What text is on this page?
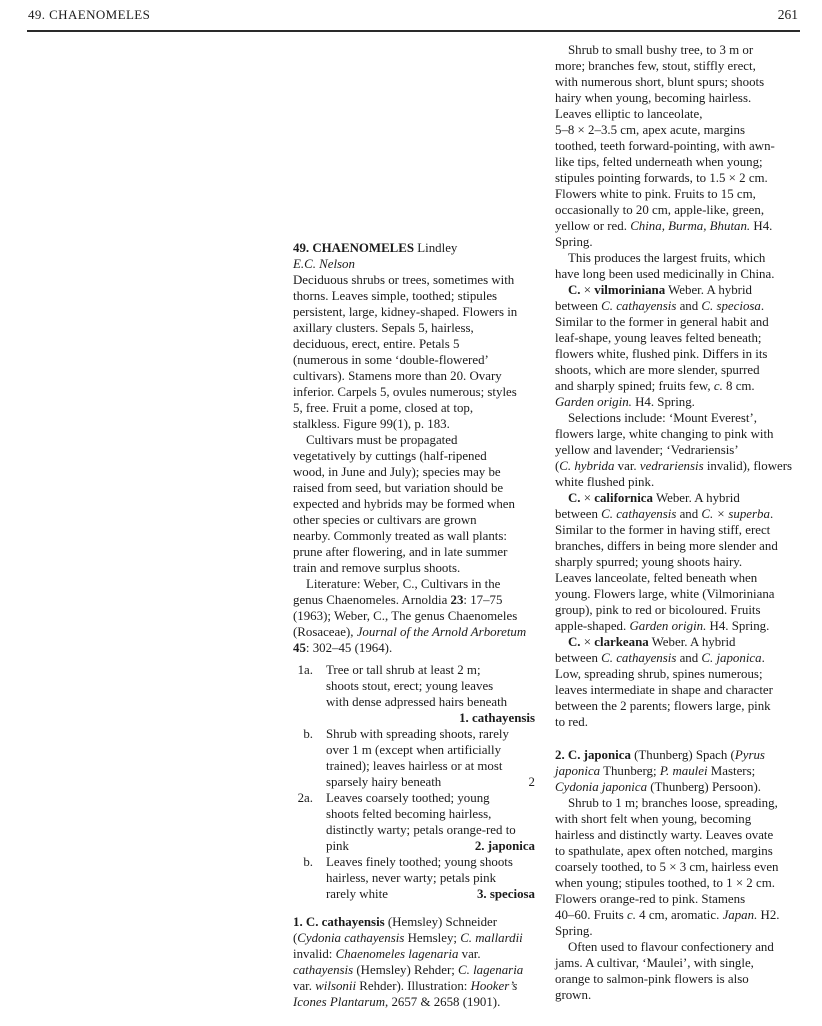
49. CHAENOMELES	261
49. CHAENOMELES Lindley
E.C. Nelson
Deciduous shrubs or trees, sometimes with
thorns. Leaves simple, toothed; stipules
persistent, large, kidney-shaped. Flowers in
axillary clusters. Sepals 5, hairless,
deciduous, erect, entire. Petals 5
(numerous in some ‘double-flowered’
cultivars). Stamens more than 20. Ovary
inferior. Carpels 5, ovules numerous; styles
5, free. Fruit a pome, closed at top,
stalkless. Figure 99(1), p. 183.
Cultivars must be propagated
vegetatively by cuttings (half-ripened
wood, in June and July); species may be
raised from seed, but variation should be
expected and hybrids may be formed when
other species or cultivars are grown
nearby. Commonly treated as wall plants:
prune after flowering, and in late summer
train and remove surplus shoots.
Literature: Weber, C., Cultivars in the
genus Chaenomeles. Arnoldia 23: 17–75
(1963); Weber, C., The genus Chaenomeles
(Rosaceae), Journal of the Arnold Arboretum
45: 302–45 (1964).
1a. Tree or tall shrub at least 2 m;
shoots stout, erect; young leaves
with dense adpressed hairs beneath
1. cathayensis
b. Shrub with spreading shoots, rarely
over 1 m (except when artificially
trained); leaves hairless or at most
sparsely hairy beneath	2
2a. Leaves coarsely toothed; young
shoots felted becoming hairless,
distinctly warty; petals orange-red to
pink	2. japonica
b. Leaves finely toothed; young shoots
hairless, never warty; petals pink
rarely white	3. speciosa
1. C. cathayensis (Hemsley) Schneider
(Cydonia cathayensis Hemsley; C. mallardii
invalid: Chaenomeles lagenaria var.
cathayensis (Hemsley) Rehder; C. lagenaria
var. wilsonii Rehder). Illustration: Hooker’s
Icones Plantarum, 2657 & 2658 (1901).
Shrub to small bushy tree, to 3 m or
more; branches few, stout, stiffly erect,
with numerous short, blunt spurs; shoots
hairy when young, becoming hairless.
Leaves elliptic to lanceolate,
5–8 × 2–3.5 cm, apex acute, margins
toothed, teeth forward-pointing, with awn-
like tips, felted underneath when young;
stipules pointing forwards, to 1.5 × 2 cm.
Flowers white to pink. Fruits to 15 cm,
occasionally to 20 cm, apple-like, green,
yellow or red. China, Burma, Bhutan. H4.
Spring.
This produces the largest fruits, which
have long been used medicinally in China.
C. × vilmoriniana Weber. A hybrid
between C. cathayensis and C. speciosa.
Similar to the former in general habit and
leaf-shape, young leaves felted beneath;
flowers white, flushed pink. Differs in its
shoots, which are more slender, spurred
and sharply spined; fruits few, c. 8 cm.
Garden origin. H4. Spring.
Selections include: ‘Mount Everest’,
flowers large, white changing to pink with
yellow and lavender; ‘Vedrariensis’
(C. hybrida var. vedrariensis invalid), flowers
white flushed pink.
C. × californica Weber. A hybrid
between C. cathayensis and C. × superba.
Similar to the former in having stiff, erect
branches, differs in being more slender and
sharply spurred; young shoots hairy.
Leaves lanceolate, felted beneath when
young. Flowers large, white (Vilmoriniana
group), pink to red or bicoloured. Fruits
apple-shaped. Garden origin. H4. Spring.
C. × clarkeana Weber. A hybrid
between C. cathayensis and C. japonica.
Low, spreading shrub, spines numerous;
leaves intermediate in shape and character
between the 2 parents; flowers large, pink
to red.
2. C. japonica (Thunberg) Spach (Pyrus
japonica Thunberg; P. maulei Masters;
Cydonia japonica (Thunberg) Persoon).
Shrub to 1 m; branches loose, spreading,
with short felt when young, becoming
hairless and distinctly warty. Leaves ovate
to spathulate, apex often notched, margins
coarsely toothed, to 5 × 3 cm, hairless even
when young; stipules toothed, to 1 × 2 cm.
Flowers orange-red to pink. Stamens
40–60. Fruits c. 4 cm, aromatic. Japan. H2.
Spring.
Often used to flavour confectionery and
jams. A cultivar, ‘Maulei’, with single,
orange to salmon-pink flowers is also
grown.
